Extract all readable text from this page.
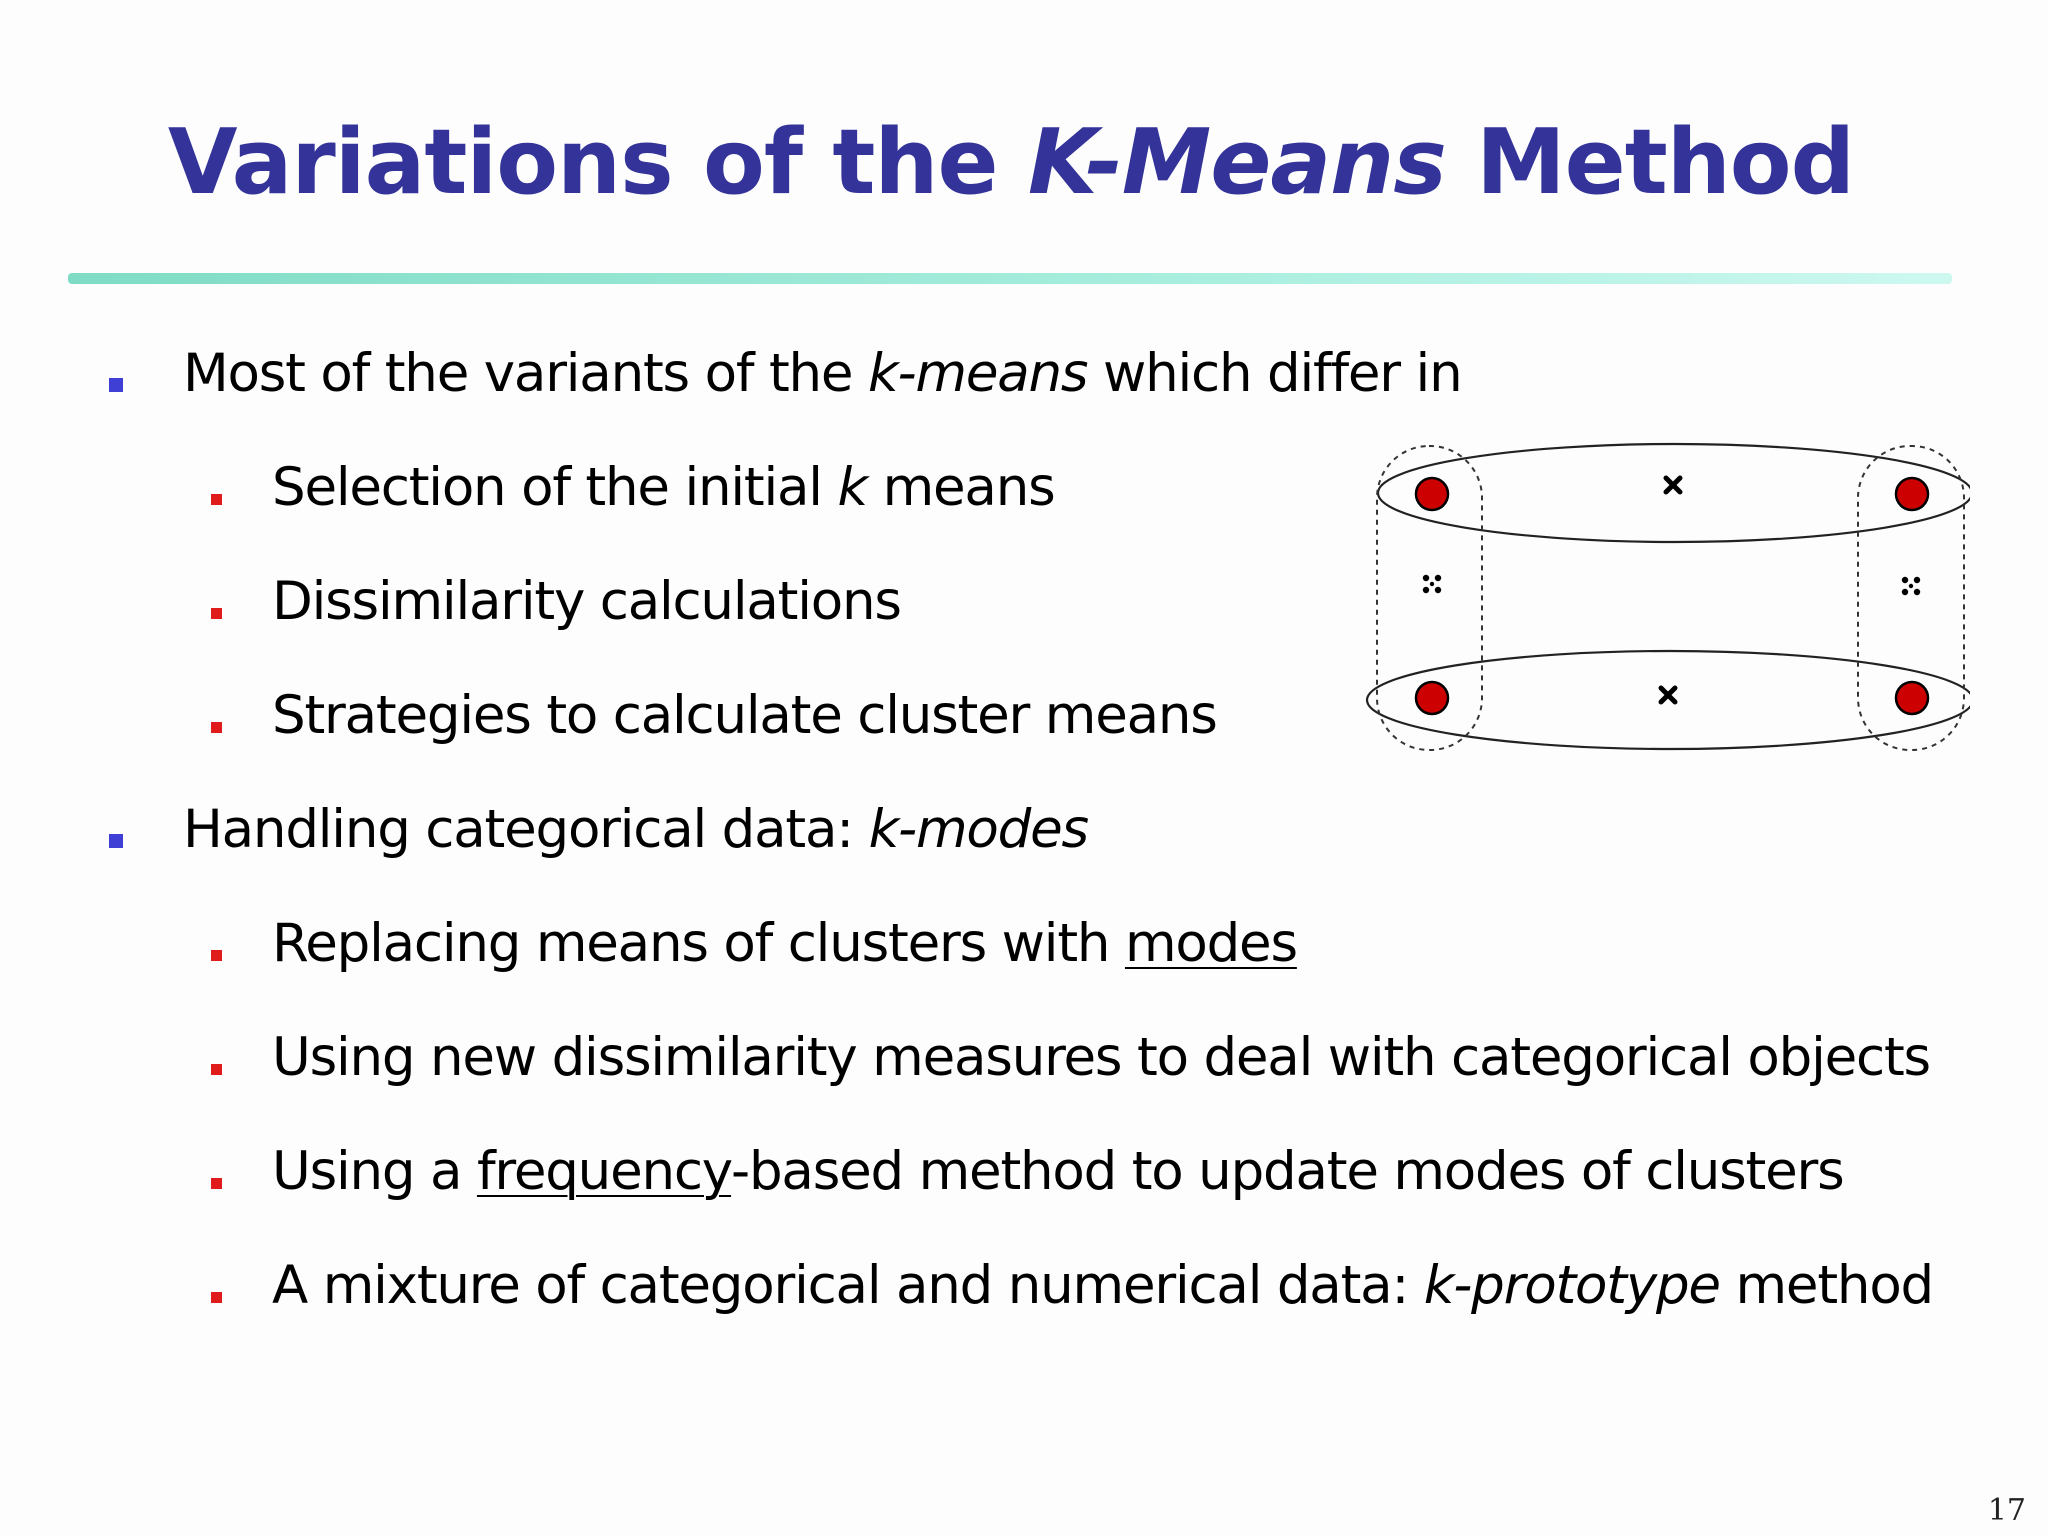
Variations of the K-Means Method
Most of the variants of the k-means which differ in
Selection of the initial k means
Dissimilarity calculations
Strategies to calculate cluster means
Handling categorical data: k-modes
Replacing means of clusters with modes
Using new dissimilarity measures to deal with categorical objects
Using a frequency-based method to update modes of clusters
A mixture of categorical and numerical data: k-prototype method
17
